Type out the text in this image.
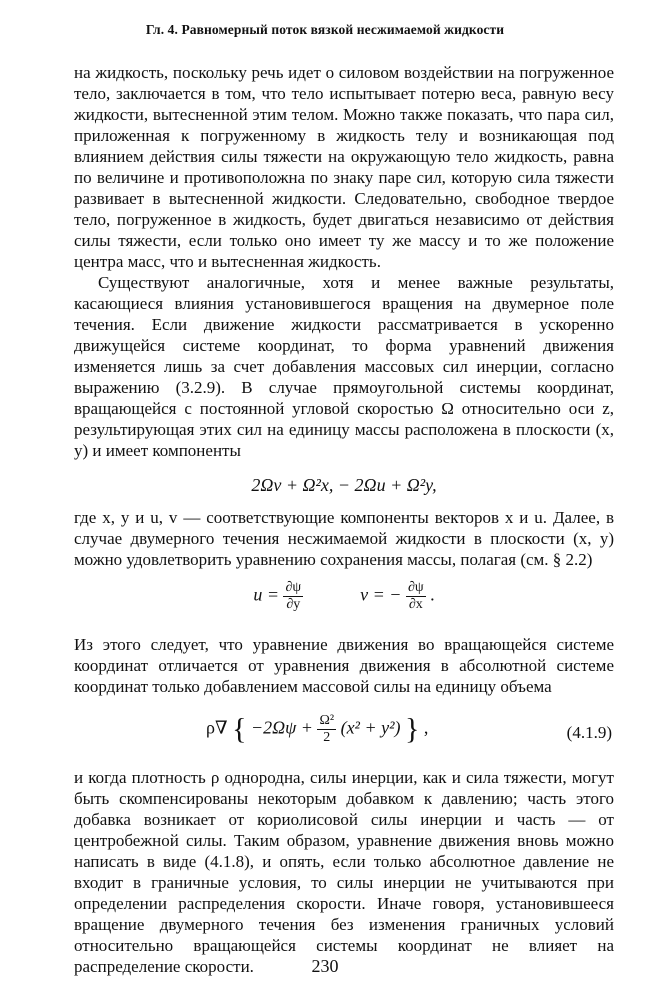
Гл. 4. Равномерный поток вязкой несжимаемой жидкости

на жидкость, поскольку речь идет о силовом воздействии на погруженное тело, заключается в том, что тело испытывает потерю веса, равную весу жидкости, вытесненной этим телом. Можно также показать, что пара сил, приложенная к погруженному в жидкость телу и возникающая под влиянием действия силы тяжести на окружающую тело жидкость, равна по величине и противоположна по знаку паре сил, которую сила тяжести развивает в вытесненной жидкости. Следовательно, свободное твердое тело, погруженное в жидкость, будет двигаться независимо от действия силы тяжести, если только оно имеет ту же массу и то же положение центра масс, что и вытесненная жидкость.

Существуют аналогичные, хотя и менее важные результаты, касающиеся влияния установившегося вращения на двумерное поле течения. Если движение жидкости рассматривается в ускоренно движущейся системе координат, то форма уравнений движения изменяется лишь за счет добавления массовых сил инерции, согласно выражению (3.2.9). В случае прямоугольной системы координат, вращающейся с постоянной угловой скоростью Ω относительно оси z, результирующая этих сил на единицу массы расположена в плоскости (x, y) и имеет компоненты

2Ωv + Ω²x, − 2Ωu + Ω²y,

где x, y и u, v — соответствующие компоненты векторов x и u. Далее, в случае двумерного течения несжимаемой жидкости в плоскости (x, y) можно удовлетворить уравнению сохранения массы, полагая (см. § 2.2)

$u = \frac{\partial\psi}{\partial y}$	v = − $\frac{\partial\psi}{\partial x}$ .

Из этого следует, что уравнение движения во вращающейся системе координат отличается от уравнения движения в абсолютной системе координат только добавлением массовой силы на единицу объема

ρ∇ { $-2\Omega\psi + \frac{\text{Ω²}}{2} (x^2 + y^2)$ } ,	(4.1.9)

и когда плотность ρ однородна, силы инерции, как и сила тяжести, могут быть скомпенсированы некоторым добавком к давлению; часть этого добавка возникает от кориолисовой силы инерции и часть — от центробежной силы. Таким образом, уравнение движения вновь можно написать в виде (4.1.8), и опять, если только абсолютное давление не входит в граничные условия, то силы инерции не учитываются при определении распределения скорости. Иначе говоря, установившееся вращение двумерного течения без изменения граничных условий относительно вращающейся системы координат не влияет на распределение скорости.	230
